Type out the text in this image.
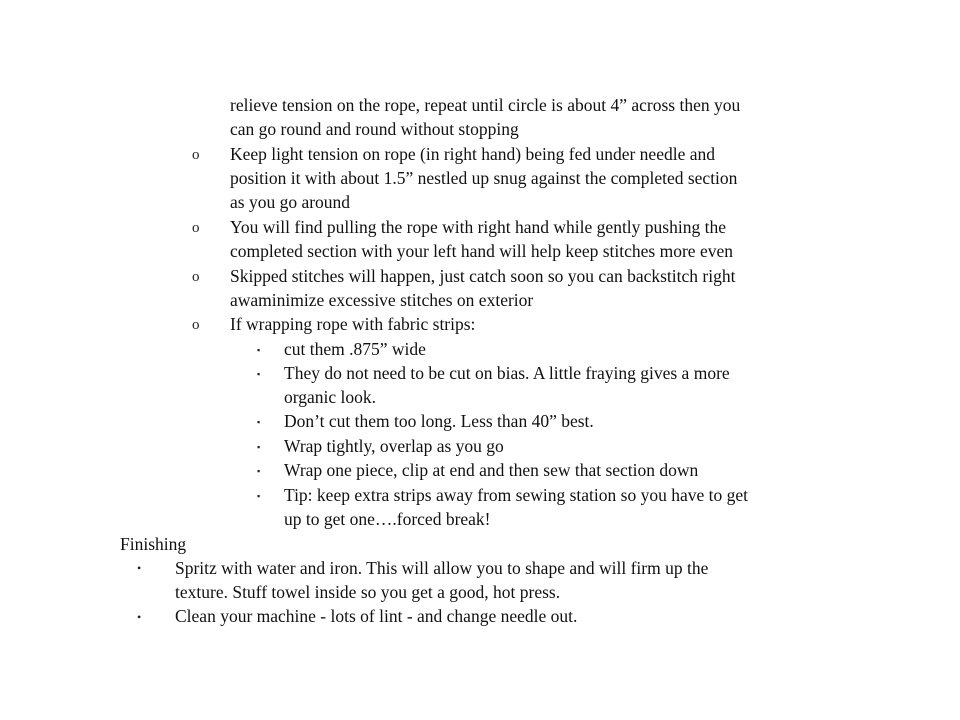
relieve tension on the rope, repeat until circle is about 4” across then you
can go round and round without stopping
o Keep light tension on rope (in right hand) being fed under needle and
position it with about 1.5” nestled up snug against the completed section
as you go around
o You will find pulling the rope with right hand while gently pushing the
completed section with your left hand will help keep stitches more even
o Skipped stitches will happen, just catch soon so you can backstitch right
awaminimize excessive stitches on exterior
o If wrapping rope with fabric strips:
▪ cut them .875” wide
▪ They do not need to be cut on bias. A little fraying gives a more
organic look.
▪ Don’t cut them too long. Less than 40” best.
▪ Wrap tightly, overlap as you go
▪ Wrap one piece, clip at end and then sew that section down
▪ Tip: keep extra strips away from sewing station so you have to get
up to get one….forced break!
Finishing
• Spritz with water and iron. This will allow you to shape and will firm up the
texture. Stuff towel inside so you get a good, hot press.
• Clean your machine - lots of lint - and change needle out.
